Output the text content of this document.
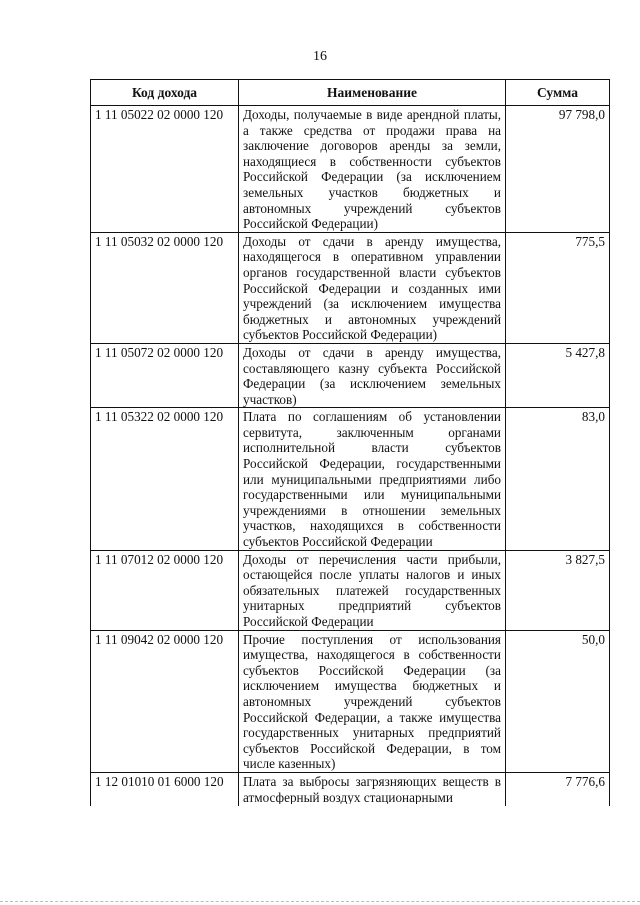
16
Код дохода	Наименование	Сумма
1 11 05022 02 0000 120	Доходы, получаемые в виде арендной платы, а также средства от продажи права на заключение договоров аренды за земли, находящиеся в собственности субъектов Российской Федерации (за исключением земельных участков бюджетных и автономных учреждений субъектов Российской Федерации)	97 798,0
1 11 05032 02 0000 120	Доходы от сдачи в аренду имущества, находящегося в оперативном управлении органов государственной власти субъектов Российской Федерации и созданных ими учреждений (за исключением имущества бюджетных и автономных учреждений субъектов Российской Федерации)	775,5
1 11 05072 02 0000 120	Доходы от сдачи в аренду имущества, составляющего казну субъекта Российской Федерации (за исключением земельных участков)	5 427,8
1 11 05322 02 0000 120	Плата по соглашениям об установлении сервитута, заключенным органами исполнительной власти субъектов Российской Федерации, государственными или муниципальными предприятиями либо государственными или муниципальными учреждениями в отношении земельных участков, находящихся в собственности субъектов Российской Федерации	83,0
1 11 07012 02 0000 120	Доходы от перечисления части прибыли, остающейся после уплаты налогов и иных обязательных платежей государственных унитарных предприятий субъектов Российской Федерации	3 827,5
1 11 09042 02 0000 120	Прочие поступления от использования имущества, находящегося в собственности субъектов Российской Федерации (за исключением имущества бюджетных и автономных учреждений субъектов Российской Федерации, а также имущества государственных унитарных предприятий субъектов Российской Федерации, в том числе казенных)	50,0

1 12 01010 01 6000 120	Плата за выбросы загрязняющих веществ в атмосферный воздух стационарными	7 776,6
